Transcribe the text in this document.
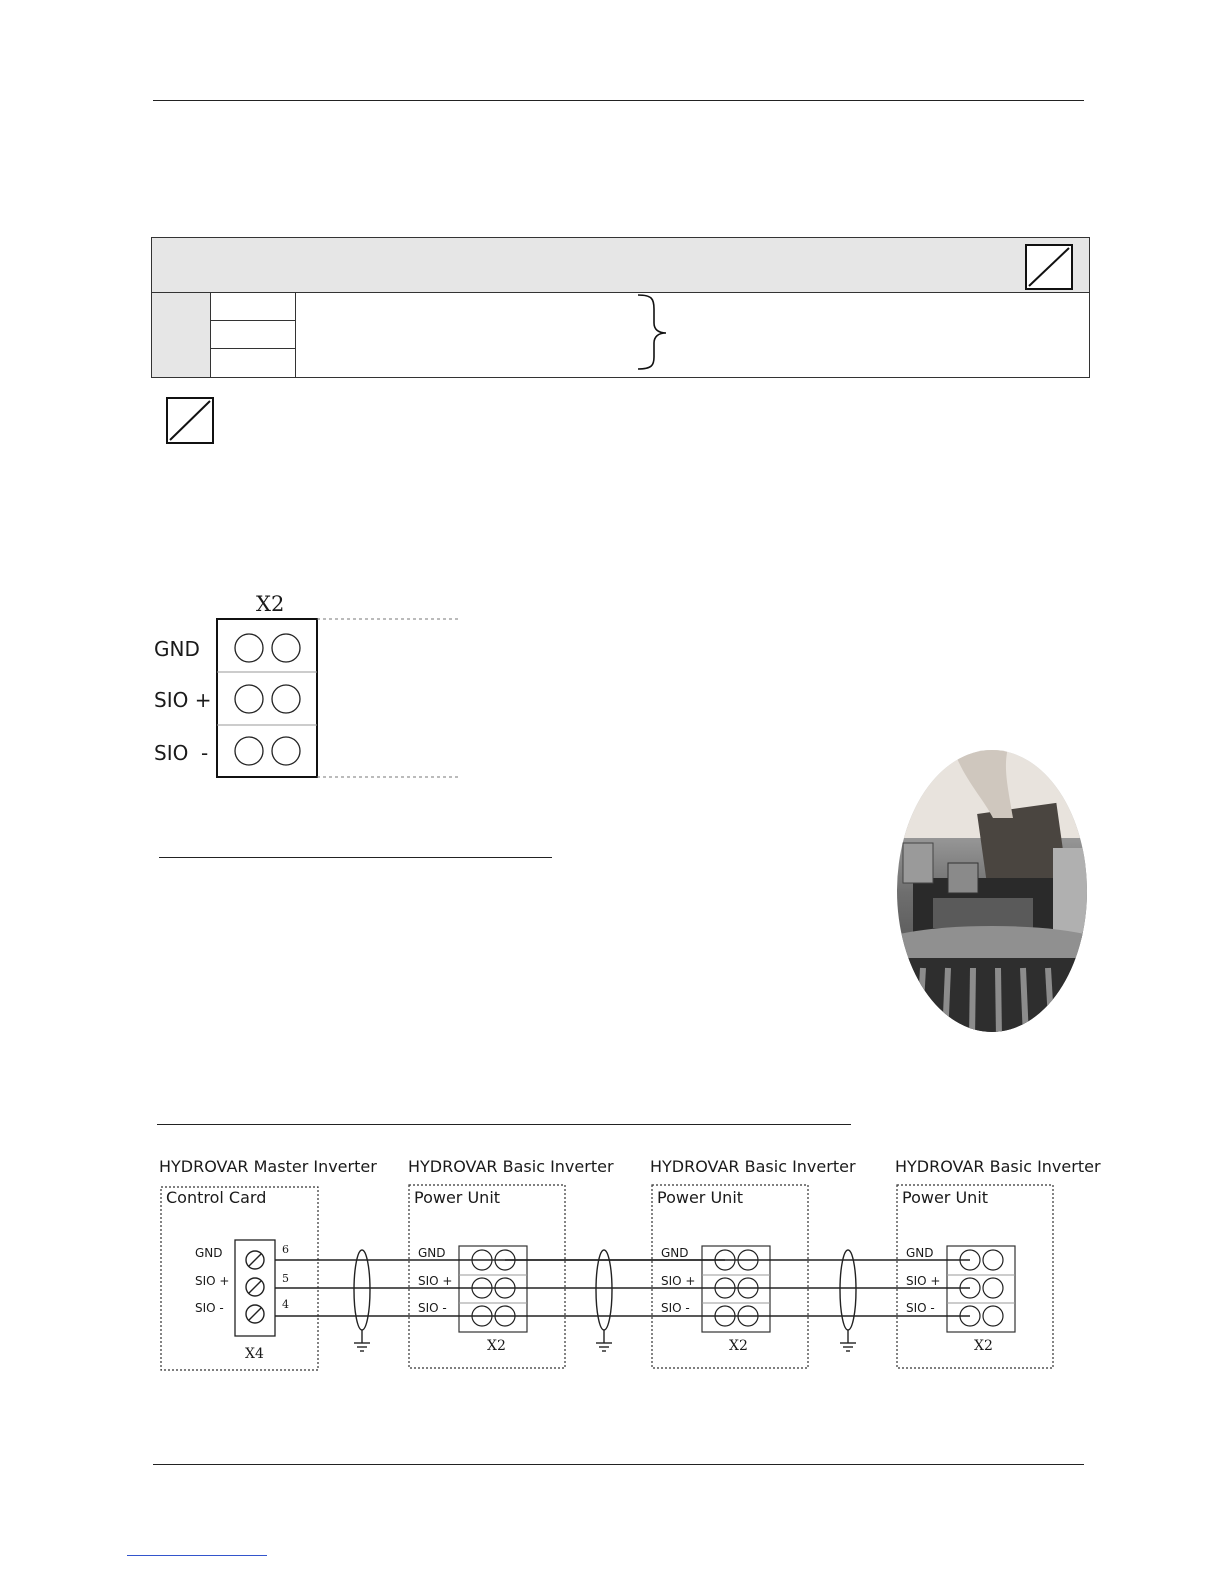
X2
GND
SIO +
SIO  -
HYDROVAR Master Inverter HYDROVAR Basic Inverter HYDROVAR Basic Inverter HYDROVAR Basic Inverter
Control Card	Power Unit	Power Unit	Power Unit
GND
SIO +
SIO -
6
5
4
X4
GND
SIO +
SIO -
X2
GND
SIO +
SIO -
X2
GND
SIO +
SIO -
X2
